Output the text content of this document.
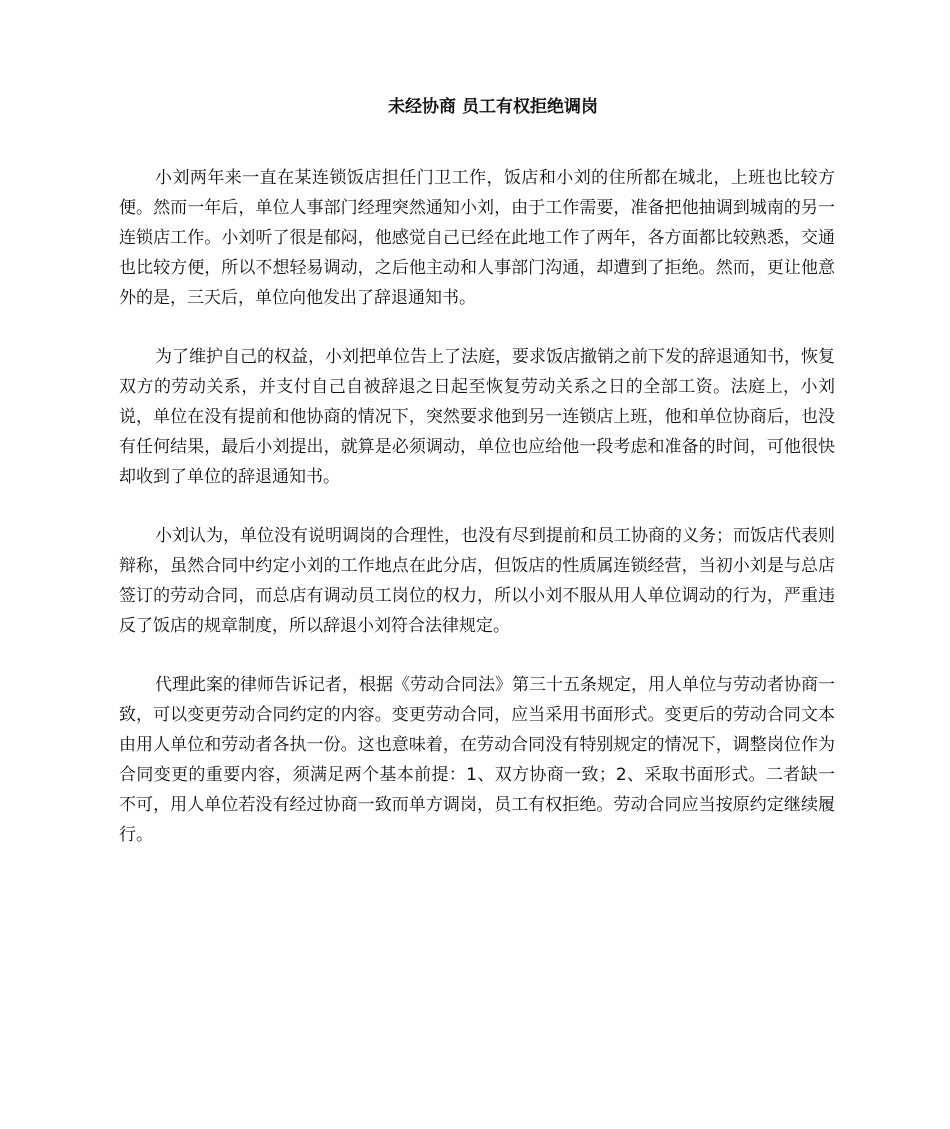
未经协商 员工有权拒绝调岗

小刘两年来一直在某连锁饭店担任门卫工作，饭店和小刘的住所都在城北，上班也比较方便。然而一年后，单位人事部门经理突然通知小刘，由于工作需要，准备把他抽调到城南的另一连锁店工作。小刘听了很是郁闷，他感觉自己已经在此地工作了两年，各方面都比较熟悉，交通也比较方便，所以不想轻易调动，之后他主动和人事部门沟通，却遭到了拒绝。然而，更让他意外的是，三天后，单位向他发出了辞退通知书。

为了维护自己的权益，小刘把单位告上了法庭，要求饭店撤销之前下发的辞退通知书，恢复双方的劳动关系，并支付自己自被辞退之日起至恢复劳动关系之日的全部工资。法庭上，小刘说，单位在没有提前和他协商的情况下，突然要求他到另一连锁店上班，他和单位协商后，也没有任何结果，最后小刘提出，就算是必须调动，单位也应给他一段考虑和准备的时间，可他很快却收到了单位的辞退通知书。

小刘认为，单位没有说明调岗的合理性，也没有尽到提前和员工协商的义务；而饭店代表则辩称，虽然合同中约定小刘的工作地点在此分店，但饭店的性质属连锁经营，当初小刘是与总店签订的劳动合同，而总店有调动员工岗位的权力，所以小刘不服从用人单位调动的行为，严重违反了饭店的规章制度，所以辞退小刘符合法律规定。

代理此案的律师告诉记者，根据《劳动合同法》第三十五条规定，用人单位与劳动者协商一致，可以变更劳动合同约定的内容。变更劳动合同，应当采用书面形式。变更后的劳动合同文本由用人单位和劳动者各执一份。这也意味着，在劳动合同没有特别规定的情况下，调整岗位作为合同变更的重要内容，须满足两个基本前提：1、双方协商一致；2、采取书面形式。二者缺一不可，用人单位若没有经过协商一致而单方调岗，员工有权拒绝。劳动合同应当按原约定继续履行。
